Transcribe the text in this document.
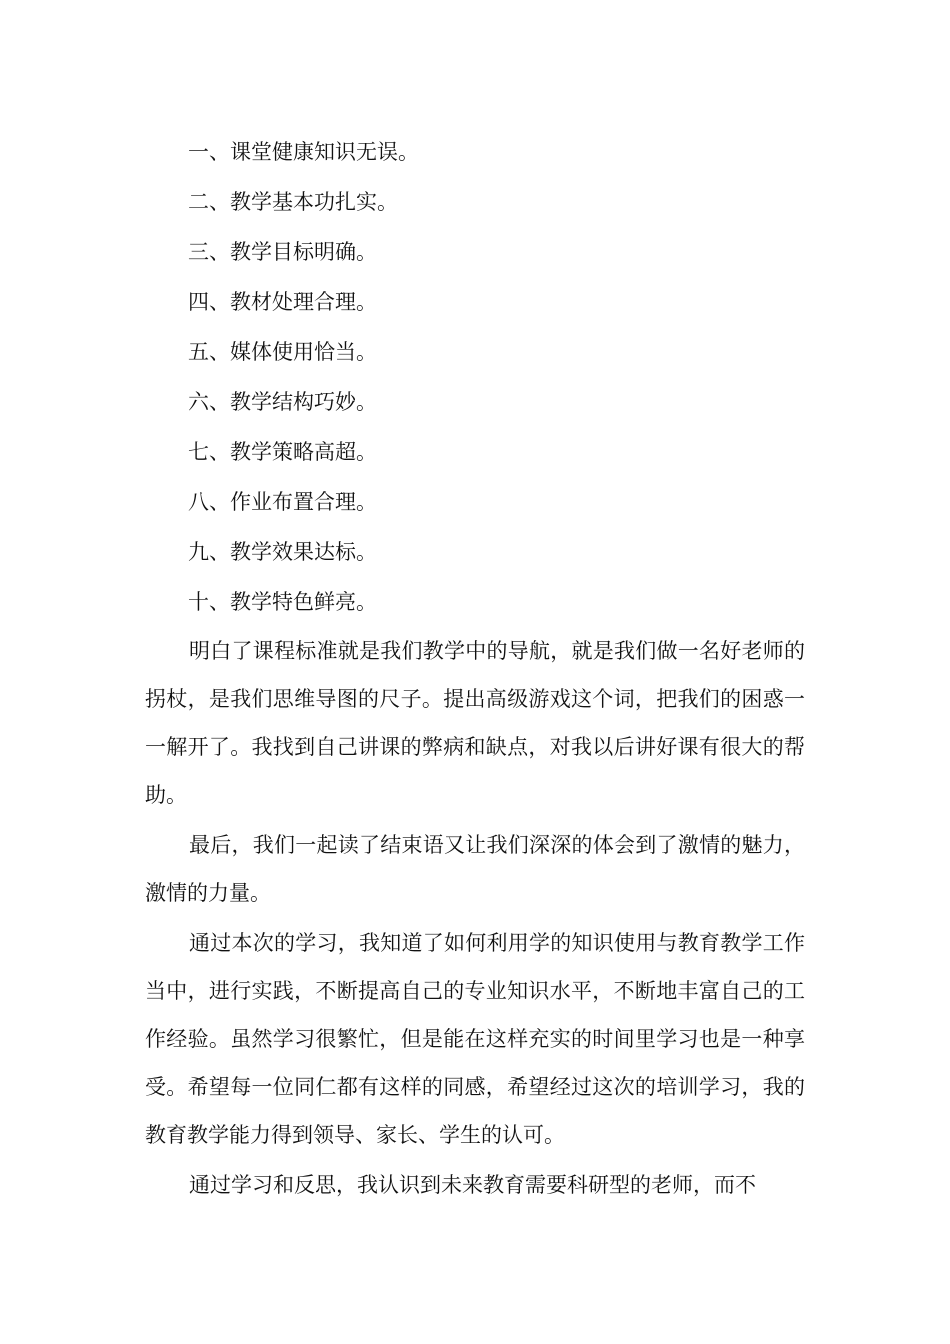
一、课堂健康知识无误。
二、教学基本功扎实。
三、教学目标明确。
四、教材处理合理。
五、媒体使用恰当。
六、教学结构巧妙。
七、教学策略高超。
八、作业布置合理。
九、教学效果达标。
十、教学特色鲜亮。

明白了课程标准就是我们教学中的导航，就是我们做一名好老师的拐杖，是我们思维导图的尺子。提出高级游戏这个词，把我们的困惑一一解开了。我找到自己讲课的弊病和缺点，对我以后讲好课有很大的帮助。

最后，我们一起读了结束语又让我们深深的体会到了激情的魅力，激情的力量。

通过本次的学习，我知道了如何利用学的知识使用与教育教学工作当中，进行实践，不断提高自己的专业知识水平，不断地丰富自己的工作经验。虽然学习很繁忙，但是能在这样充实的时间里学习也是一种享受。希望每一位同仁都有这样的同感，希望经过这次的培训学习，我的教育教学能力得到领导、家长、学生的认可。

通过学习和反思，我认识到未来教育需要科研型的老师，而不
